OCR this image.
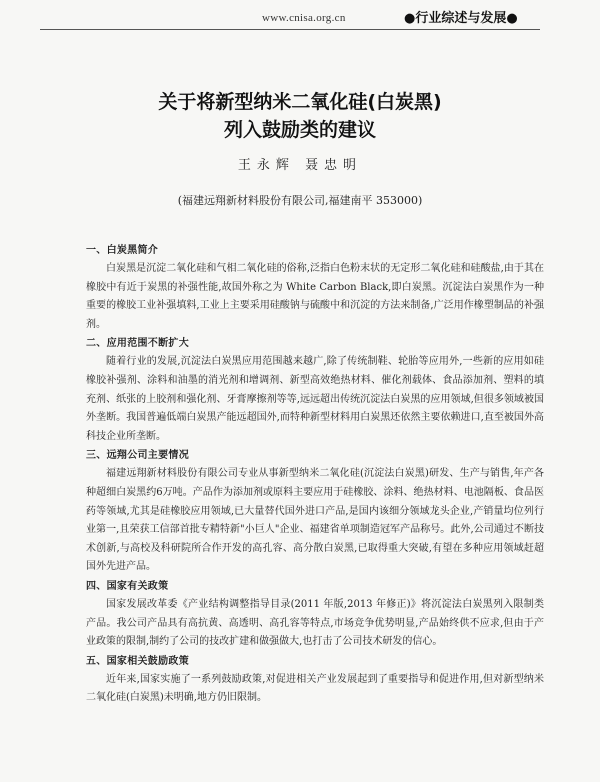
www.cnisa.org.cn	●行业综述与发展●
关于将新型纳米二氧化硅(白炭黑)
列入鼓励类的建议
王永辉 聂忠明
(福建远翔新材料股份有限公司,福建南平 353000)

一、白炭黑简介

白炭黑是沉淀二氧化硅和气相二氧化硅的俗称,泛指白色粉末状的无定形二氧化硅和硅酸盐,由于其在橡胶中有近于炭黑的补强性能,故国外称之为 White Carbon Black,即白炭黑。沉淀法白炭黑作为一种重要的橡胶工业补强填料,工业上主要采用硅酸钠与硫酸中和沉淀的方法来制备,广泛用作橡塑制品的补强剂。

二、应用范围不断扩大

随着行业的发展,沉淀法白炭黑应用范围越来越广,除了传统制鞋、轮胎等应用外,一些新的应用如硅橡胶补强剂、涂料和油墨的消光剂和增调剂、新型高效绝热材料、催化剂载体、食品添加剂、塑料的填充剂、纸张的上胶剂和强化剂、牙膏摩擦剂等等,远远超出传统沉淀法白炭黑的应用领域,但很多领域被国外垄断。我国普遍低端白炭黑产能远超国外,而特种新型材料用白炭黑还依然主要依赖进口,直至被国外高科技企业所垄断。

三、远翔公司主要情况

福建远翔新材料股份有限公司专业从事新型纳米二氧化硅(沉淀法白炭黑)研发、生产与销售,年产各种超细白炭黑约6万吨。产品作为添加剂或原料主要应用于硅橡胶、涂料、绝热材料、电池隔板、食品医药等领域,尤其是硅橡胶应用领域,已大量替代国外进口产品,是国内该细分领域龙头企业,产销量均位列行业第一,且荣获工信部首批专精特新"小巨人"企业、福建省单项制造冠军产品称号。此外,公司通过不断技术创新,与高校及科研院所合作开发的高孔容、高分散白炭黑,已取得重大突破,有望在多种应用领域赶超国外先进产品。

四、国家有关政策

国家发展改革委《产业结构调整指导目录(2011 年版,2013 年修正)》将沉淀法白炭黑列入限制类产品。我公司产品具有高抗黄、高透明、高孔容等特点,市场竞争优势明显,产品始终供不应求,但由于产业政策的限制,制约了公司的技改扩建和做强做大,也打击了公司技术研发的信心。

五、国家相关鼓励政策

近年来,国家实施了一系列鼓励政策,对促进相关产业发展起到了重要指导和促进作用,但对新型纳米二氧化硅(白炭黑)未明确,地方仍旧限制。
